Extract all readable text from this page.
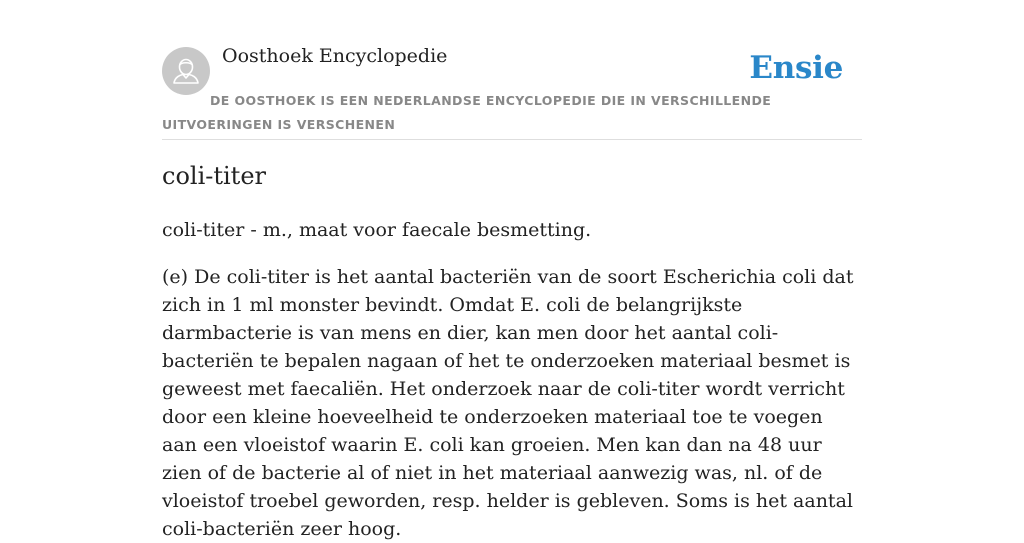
Oosthoek Encyclopedie	Ensie
DE OOSTHOEK IS EEN NEDERLANDSE ENCYCLOPEDIE DIE IN VERSCHILLENDE UITVOERINGEN IS VERSCHENEN
coli-titer

coli-titer - m., maat voor faecale besmetting.

(e) De coli-titer is het aantal bacteriën van de soort Escherichia coli dat zich in 1 ml monster bevindt. Omdat E. coli de belangrijkste darmbacterie is van mens en dier, kan men door het aantal coli-bacteriën te bepalen nagaan of het te onderzoeken materiaal besmet is geweest met faecaliën. Het onderzoek naar de coli-titer wordt verricht door een kleine hoeveelheid te onderzoeken materiaal toe te voegen aan een vloeistof waarin E. coli kan groeien. Men kan dan na 48 uur zien of de bacterie al of niet in het materiaal aanwezig was, nl. of de vloeistof troebel geworden, resp. helder is gebleven. Soms is het aantal coli-bacteriën zeer hoog.
